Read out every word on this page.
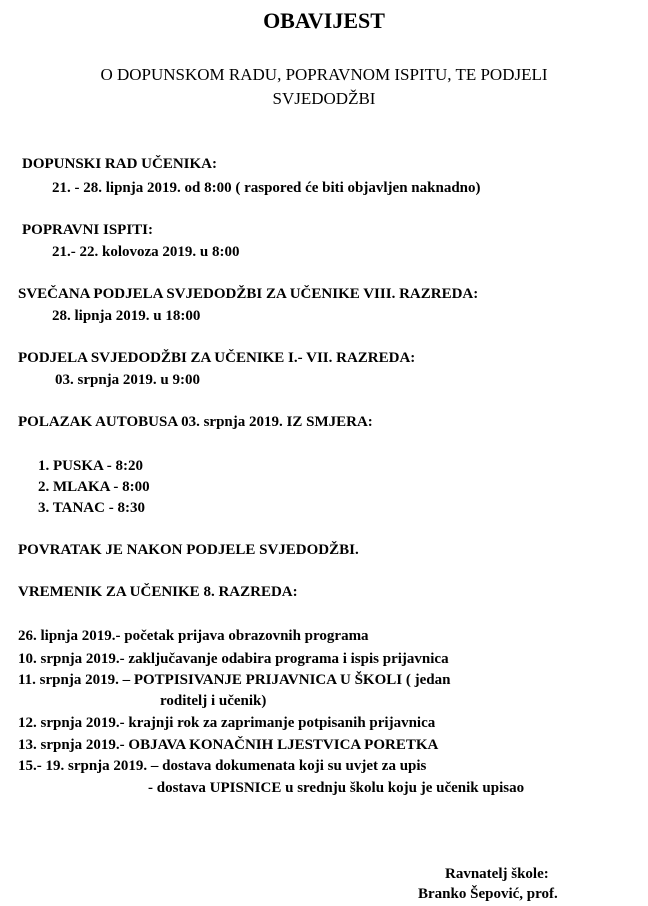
OBAVIJEST
O DOPUNSKOM RADU, POPRAVNOM ISPITU, TE PODJELI
SVJEDODŽBI
DOPUNSKI RAD UČENIKA:
21. - 28. lipnja 2019. od 8:00 ( raspored će biti objavljen naknadno)
POPRAVNI ISPITI:
21.- 22. kolovoza 2019. u 8:00
SVEČANA PODJELA SVJEDODŽBI ZA UČENIKE VIII. RAZREDA:
28. lipnja 2019. u 18:00
PODJELA SVJEDODŽBI ZA UČENIKE I.- VII. RAZREDA:
03. srpnja 2019. u 9:00
POLAZAK AUTOBUSA 03. srpnja 2019. IZ SMJERA:
1. PUSKA - 8:20
2. MLAKA - 8:00
3. TANAC - 8:30
POVRATAK JE NAKON PODJELE SVJEDODŽBI.
VREMENIK ZA UČENIKE 8. RAZREDA:
26. lipnja 2019.- početak prijava obrazovnih programa
10. srpnja 2019.- zaključavanje odabira programa i ispis prijavnica
11. srpnja 2019. – POTPISIVANJE PRIJAVNICA U ŠKOLI ( jedan
roditelj i učenik)
12. srpnja 2019.- krajnji rok za zaprimanje potpisanih prijavnica
13. srpnja 2019.- OBJAVA KONAČNIH LJESTVICA PORETKA
15.- 19. srpnja 2019. – dostava dokumenata koji su uvjet za upis
- dostava UPISNICE u srednju školu koju je učenik upisao
Ravnatelj škole:
Branko Šepović, prof.
